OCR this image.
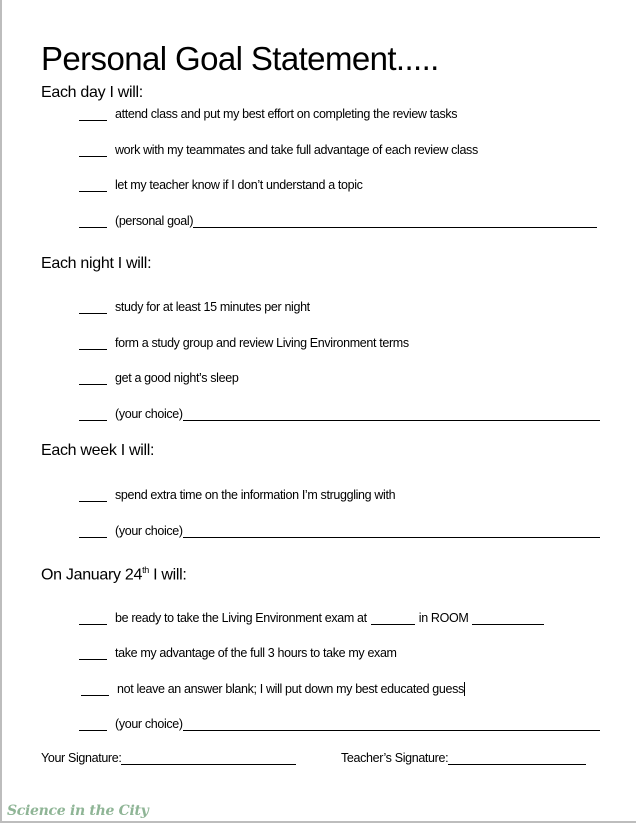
Personal Goal Statement.....
Each day I will:
attend class and put my best effort on completing the review tasks
work with my teammates and take full advantage of each review class
let my teacher know if I don’t understand a topic
(personal goal)
Each night I will:
study for at least 15 minutes per night
form a study group and review Living Environment terms
get a good night’s sleep
(your choice)
Each week I will:
spend extra time on the information I’m struggling with
(your choice)
On January 24th I will:
be ready to take the Living Environment exam at	in ROOM
take my advantage of the full 3 hours to take my exam
not leave an answer blank; I will put down my best educated guess
(your choice)
Your Signature:	Teacher’s Signature:
Science in the City
